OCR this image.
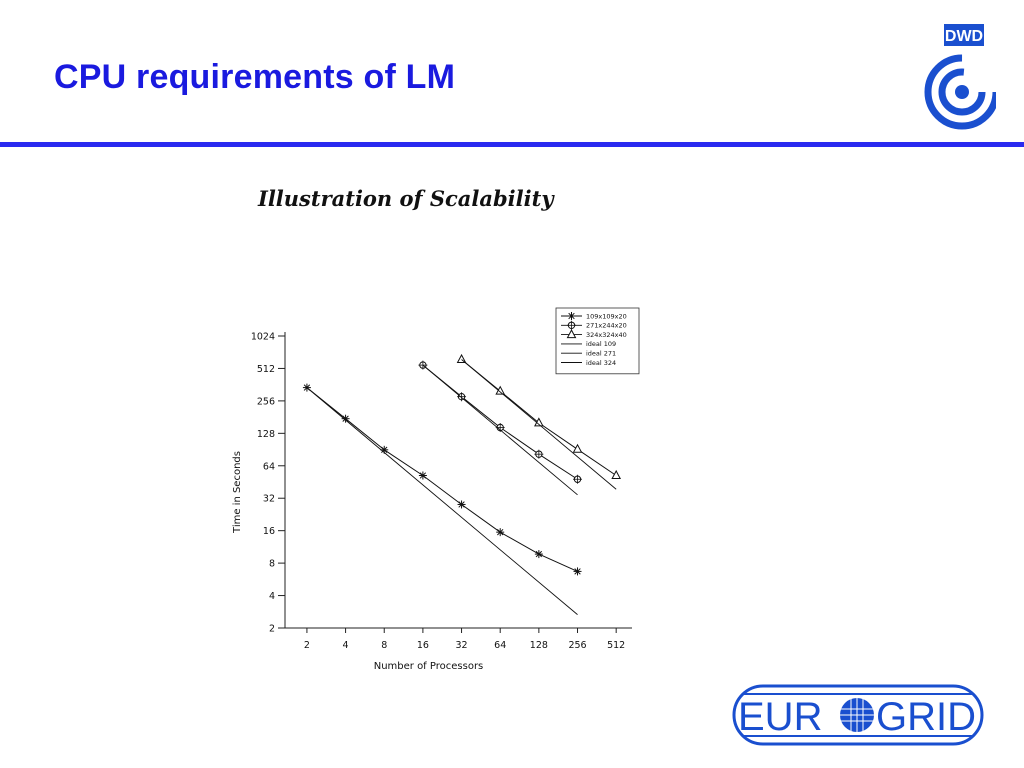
CPU requirements of LM
DWD
Illustration of Scalability
109x109x20
271x244x20
324x324x40
ideal 109
ideal 271
ideal 324
2	4	8	16	32	64 128 256 512
2
4
8
16
32
64
128
256
512
1024
Number of Processors
Time in Seconds
EUR GRID
